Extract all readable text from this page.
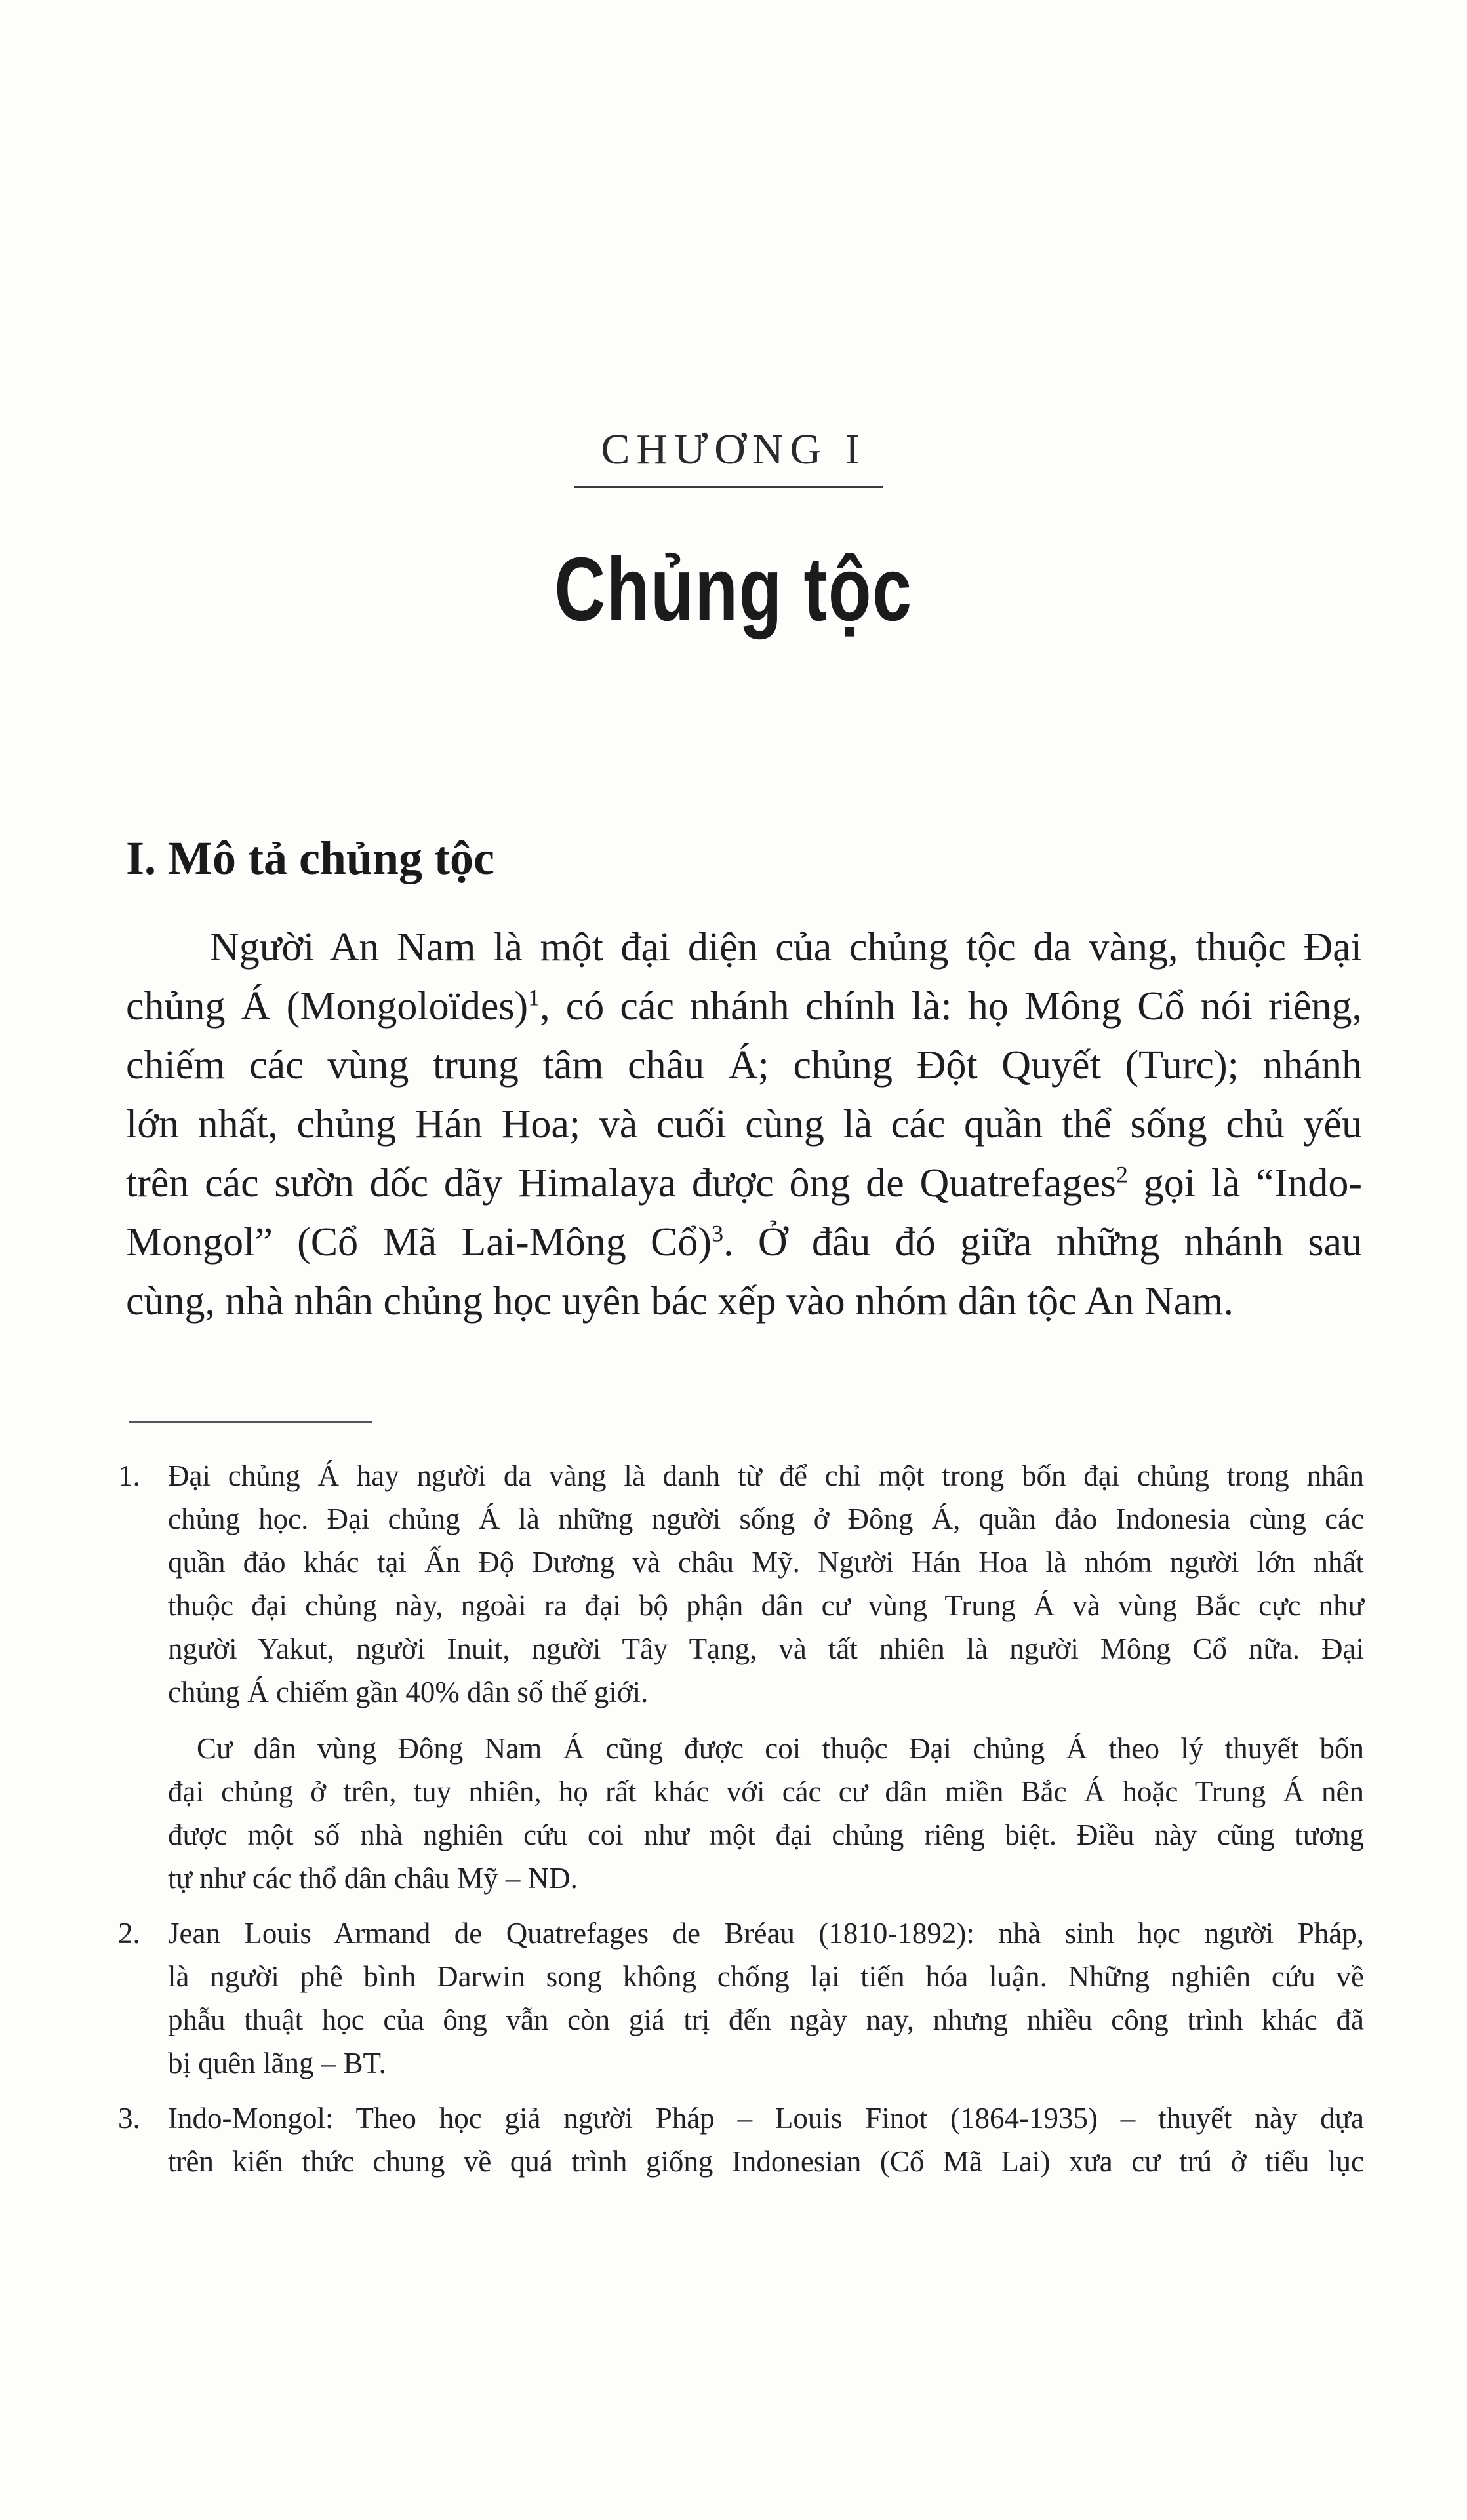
CHƯƠNG I
Chủng tộc
I. Mô tả chủng tộc
Người An Nam là một đại diện của chủng tộc da vàng, thuộc Đại
chủng Á (Mongoloïdes)$^1$, có các nhánh chính là: họ Mông Cổ nói riêng,
chiếm các vùng trung tâm châu Á; chủng Đột Quyết (Turc); nhánh
lớn nhất, chủng Hán Hoa; và cuối cùng là các quần thể sống chủ yếu
trên các sườn dốc dãy Himalaya được ông de Quatrefages$^2$ gọi là “Indo-
Mongol” (Cổ Mã Lai-Mông Cổ)$^3$. Ở đâu đó giữa những nhánh sau
cùng, nhà nhân chủng học uyên bác xếp vào nhóm dân tộc An Nam.
1. Đại chủng Á hay người da vàng là danh từ để chỉ một trong bốn đại chủng trong nhân
chủng học. Đại chủng Á là những người sống ở Đông Á, quần đảo Indonesia cùng các
quần đảo khác tại Ấn Độ Dương và châu Mỹ. Người Hán Hoa là nhóm người lớn nhất
thuộc đại chủng này, ngoài ra đại bộ phận dân cư vùng Trung Á và vùng Bắc cực như
người Yakut, người Inuit, người Tây Tạng, và tất nhiên là người Mông Cổ nữa. Đại
chủng Á chiếm gần 40% dân số thế giới.
Cư dân vùng Đông Nam Á cũng được coi thuộc Đại chủng Á theo lý thuyết bốn
đại chủng ở trên, tuy nhiên, họ rất khác với các cư dân miền Bắc Á hoặc Trung Á nên
được một số nhà nghiên cứu coi như một đại chủng riêng biệt. Điều này cũng tương
tự như các thổ dân châu Mỹ – ND.
2. Jean Louis Armand de Quatrefages de Bréau (1810-1892): nhà sinh học người Pháp,
là người phê bình Darwin song không chống lại tiến hóa luận. Những nghiên cứu về
phẫu thuật học của ông vẫn còn giá trị đến ngày nay, nhưng nhiều công trình khác đã
bị quên lãng – BT.
3. Indo-Mongol: Theo học giả người Pháp – Louis Finot (1864-1935) – thuyết này dựa
trên kiến thức chung về quá trình giống Indonesian (Cổ Mã Lai) xưa cư trú ở tiểu lục
